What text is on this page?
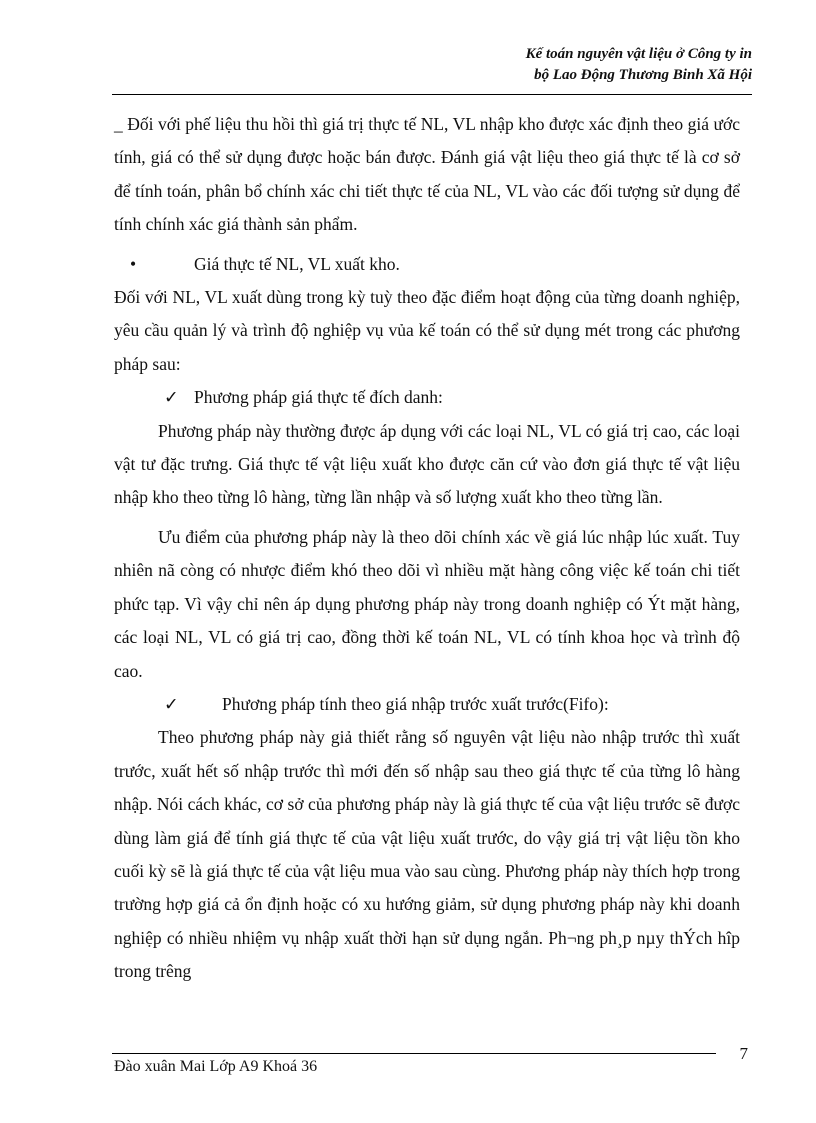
Kế toán nguyên vật liệu ở Công ty in
bộ Lao Động Thương Binh Xã Hội

_ Đối với phế liệu thu hồi thì giá trị thực tế NL, VL nhập kho được xác định theo giá ước tính, giá có thể sử dụng được hoặc bán được. Đánh giá vật liệu theo giá thực tế là cơ sở để tính toán, phân bổ chính xác chi tiết thực tế của NL, VL vào các đối tượng sử dụng để tính chính xác giá thành sản phẩm.

•	Giá thực tế NL, VL xuất kho.

Đối với NL, VL xuất dùng trong kỳ tuỳ theo đặc điểm hoạt động của từng doanh nghiệp, yêu cầu quản lý và trình độ nghiệp vụ vủa kế toán có thể sử dụng mét trong các phương pháp sau:

✓ Phương pháp giá thực tế đích danh:

Phương pháp này thường được áp dụng với các loại NL, VL có giá trị cao, các loại vật tư đặc trưng. Giá thực tế vật liệu xuất kho được căn cứ vào đơn giá thực tế vật liệu nhập kho theo từng lô hàng, từng lần nhập và số lượng xuất kho theo từng lần.

Ưu điểm của phương pháp này là theo dõi chính xác về giá lúc nhập lúc xuất. Tuy nhiên nã còng có nhược điểm khó theo dõi vì nhiều mặt hàng công việc kế toán chi tiết phức tạp. Vì vậy chỉ nên áp dụng phương pháp này trong doanh nghiệp có Ýt mặt hàng, các loại NL, VL có giá trị cao, đồng thời kế toán NL, VL có tính khoa học và trình độ cao.

✓ Phương pháp tính theo giá nhập trước xuất trước(Fifo):

Theo phương pháp này giả thiết rằng số nguyên vật liệu nào nhập trước thì xuất trước, xuất hết số nhập trước thì mới đến số nhập sau theo giá thực tế của từng lô hàng nhập. Nói cách khác, cơ sở của phương pháp này là giá thực tế của vật liệu trước sẽ được dùng làm giá để tính giá thực tế của vật liệu xuất trước, do vậy giá trị vật liệu tồn kho cuối kỳ sẽ là giá thực tế của vật liệu mua vào sau cùng. Phương pháp này thích hợp trong trường hợp giá cả ổn định hoặc có xu hướng giảm, sử dụng phương pháp này khi doanh nghiệp có nhiều nhiệm vụ nhập xuất thời hạn sử dụng ngắn. Ph¬ng ph¸p nµy thÝch hîp trong trêng

Đào xuân Mai Lớp A9 Khoá 36
7
